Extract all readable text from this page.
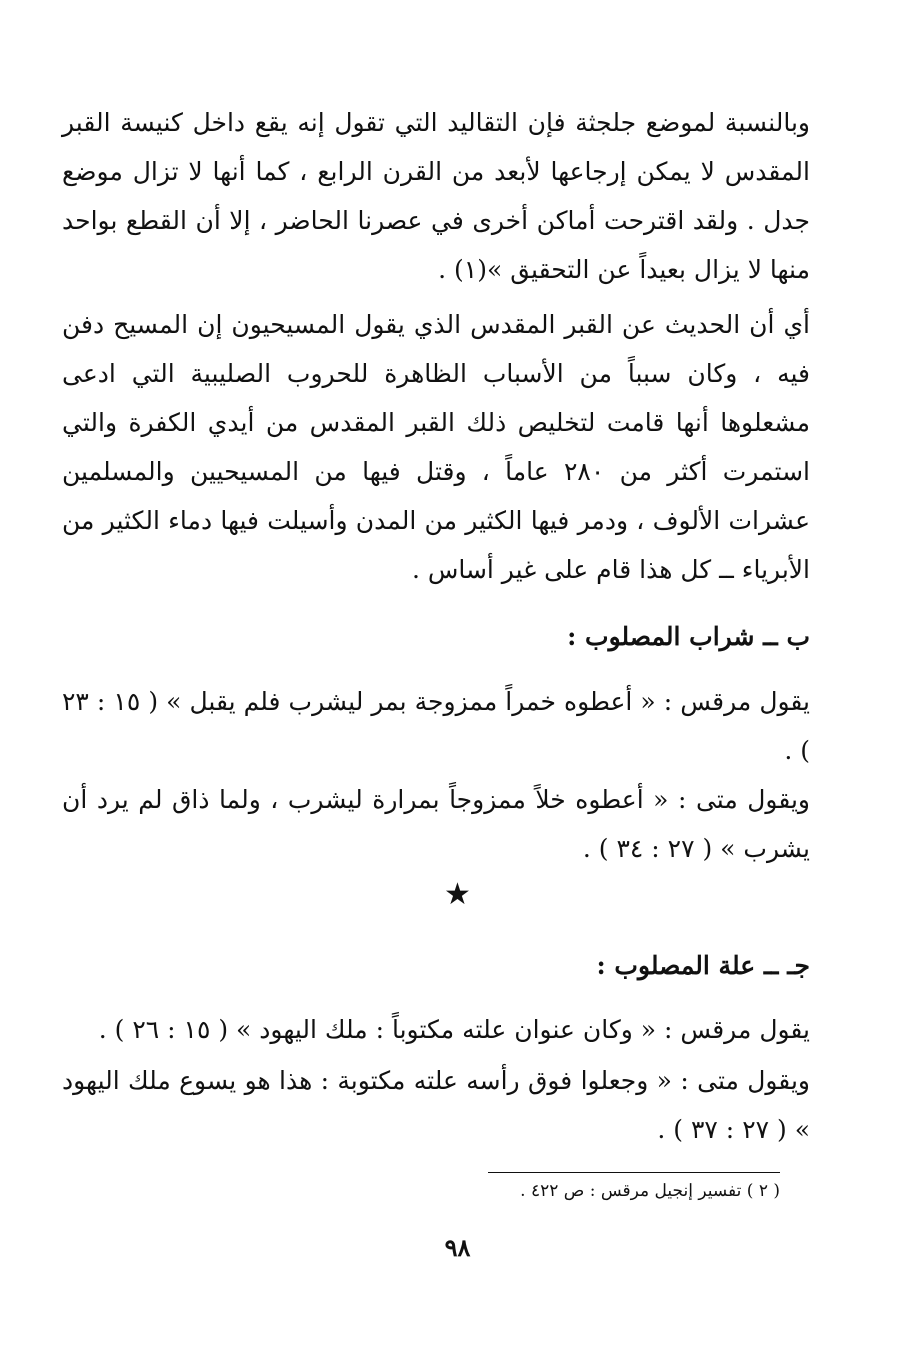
وبالنسبة لموضع جلجثة فإن التقاليد التي تقول إنه يقع داخل كنيسة القبر المقدس لا يمكن إرجاعها لأبعد من القرن الرابع ، كما أنها لا تزال موضع جدل . ولقد اقترحت أماكن أخرى في عصرنا الحاضر ، إلا أن القطع بواحد منها لا يزال بعيداً عن التحقيق »(١) .

أي أن الحديث عن القبر المقدس الذي يقول المسيحيون إن المسيح دفن فيه ، وكان سبباً من الأسباب الظاهرة للحروب الصليبية التي ادعى مشعلوها أنها قامت لتخليص ذلك القبر المقدس من أيدي الكفرة والتي استمرت أكثر من ٢٨٠ عاماً ، وقتل فيها من المسيحيين والمسلمين عشرات الألوف ، ودمر فيها الكثير من المدن وأسيلت فيها دماء الكثير من الأبرياء ــ كل هذا قام على غير أساس .

ب ــ شراب المصلوب :

يقول مرقس : « أعطوه خمراً ممزوجة بمر ليشرب فلم يقبل » ( ١٥ : ٢٣ ) .

ويقول متى : « أعطوه خلاً ممزوجاً بمرارة ليشرب ، ولما ذاق لم يرد أن يشرب » ( ٢٧ : ٣٤ ) .

★
جـ ــ علة المصلوب :

يقول مرقس : « وكان عنوان علته مكتوباً : ملك اليهود » ( ١٥ : ٢٦ ) .

ويقول متى : « وجعلوا فوق رأسه علته مكتوبة : هذا هو يسوع ملك اليهود » ( ٢٧ : ٣٧ ) .

( ٢ ) تفسير إنجيل مرقس : ص ٤٢٢ .
٩٨
